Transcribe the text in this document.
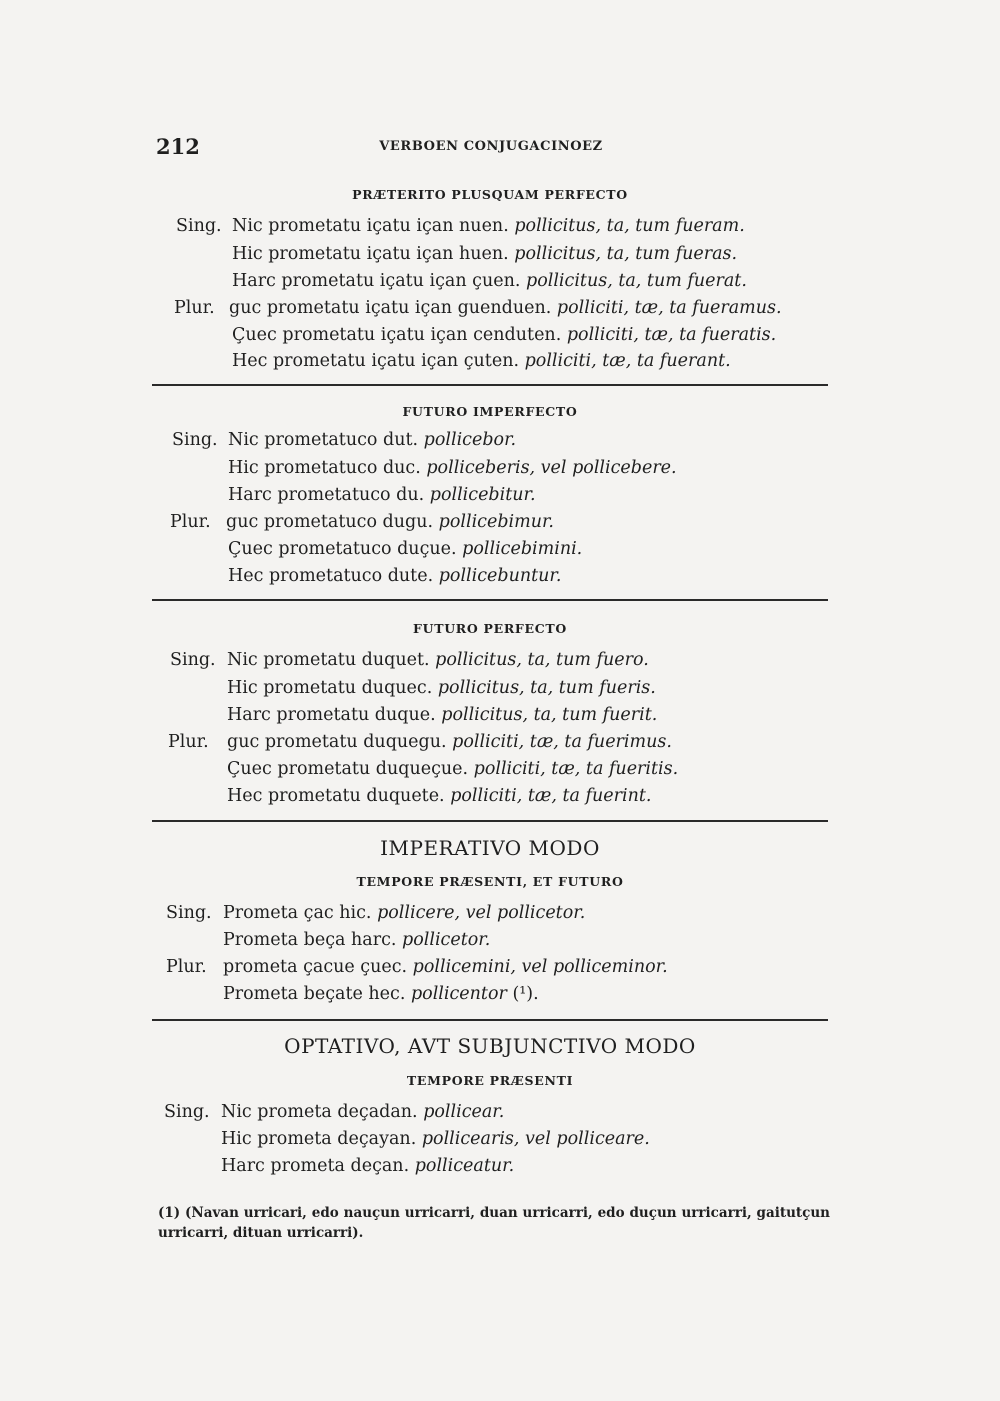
212	VERBOEN CONJUGACINOEZ
PRÆTERITO PLUSQUAM PERFECTO
Sing. Nic prometatu içatu içan nuen. pollicitus, ta, tum fueram.
Hic prometatu içatu içan huen. pollicitus, ta, tum fueras.
Harc prometatu içatu içan çuen. pollicitus, ta, tum fuerat.
Plur. guc prometatu içatu içan guenduen. polliciti, tæ, ta fueramus.
Çuec prometatu içatu içan cenduten. polliciti, tæ, ta fueratis.
Hec prometatu içatu içan çuten. polliciti, tæ, ta fuerant.
FUTURO IMPERFECTO
Sing. Nic prometatuco dut. pollicebor.
Hic prometatuco duc. polliceberis, vel pollicebere.
Harc prometatuco du. pollicebitur.
Plur. guc prometatuco dugu. pollicebimur.
Çuec prometatuco duçue. pollicebimini.
Hec prometatuco dute. pollicebuntur.
FUTURO PERFECTO
Sing. Nic prometatu duquet. pollicitus, ta, tum fuero.
Hic prometatu duquec. pollicitus, ta, tum fueris.
Harc prometatu duque. pollicitus, ta, tum fuerit.
Plur. guc prometatu duquegu. polliciti, tæ, ta fuerimus.
Çuec prometatu duqueçue. polliciti, tæ, ta fueritis.
Hec prometatu duquete. polliciti, tæ, ta fuerint.
IMPERATIVO MODO
TEMPORE PRÆSENTI, ET FUTURO
Sing. Prometa çac hic. pollicere, vel pollicetor.
Prometa beça harc. pollicetor.
Plur. prometa çacue çuec. pollicemini, vel polliceminor.
Prometa beçate hec. pollicentor (¹).
OPTATIVO, AVT SUBJUNCTIVO MODO
TEMPORE PRÆSENTI
Sing. Nic prometa deçadan. pollicear.
Hic prometa deçayan. pollicearis, vel polliceare.
Harc prometa deçan. polliceatur.
(1) (Navan urricari, edo nauçun urricarri, duan urricarri, edo duçun urricarri, gaitutçun urricarri, dituan urricarri).
